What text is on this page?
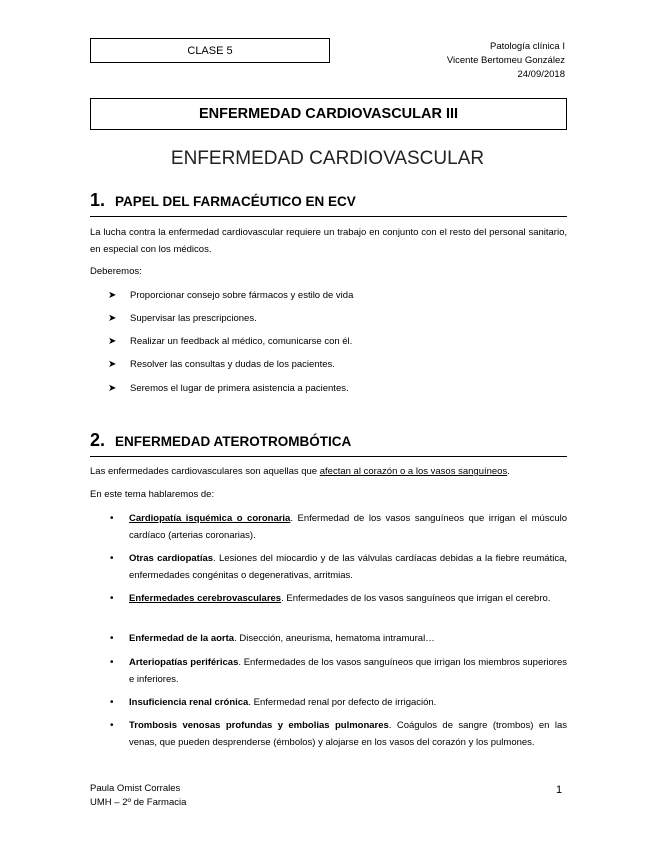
CLASE 5	Patología clínica I
Vicente Bertomeu González
24/09/2018
ENFERMEDAD CARDIOVASCULAR III
ENFERMEDAD CARDIOVASCULAR
1. PAPEL DEL FARMACÉUTICO EN ECV
La lucha contra la enfermedad cardiovascular requiere un trabajo en conjunto con el resto del personal sanitario, en especial con los médicos.
Deberemos:
➤ Proporcionar consejo sobre fármacos y estilo de vida
➤ Supervisar las prescripciones.
➤ Realizar un feedback al médico, comunicarse con él.
➤ Resolver las consultas y dudas de los pacientes.
➤ Seremos el lugar de primera asistencia a pacientes.
2. ENFERMEDAD ATEROTROMBÓTICA
Las enfermedades cardiovasculares son aquellas que afectan al corazón o a los vasos sanguíneos.
En este tema hablaremos de:
• Cardiopatía isquémica o coronaria. Enfermedad de los vasos sanguíneos que irrigan el músculo cardíaco (arterias coronarias).
• Otras cardiopatías. Lesiones del miocardio y de las válvulas cardíacas debidas a la fiebre reumática, enfermedades congénitas o degenerativas, arritmias.
• Enfermedades cerebrovasculares. Enfermedades de los vasos sanguíneos que irrigan el cerebro.
• Enfermedad de la aorta. Disección, aneurisma, hematoma intramural…
• Arteriopatías periféricas. Enfermedades de los vasos sanguíneos que irrigan los miembros superiores e inferiores.
• Insuficiencia renal crónica. Enfermedad renal por defecto de irrigación.
• Trombosis venosas profundas y embolias pulmonares. Coágulos de sangre (trombos) en las venas, que pueden desprenderse (émbolos) y alojarse en los vasos del corazón y los pulmones.
Paula Omist Corrales
UMH – 2º de Farmacia
1
